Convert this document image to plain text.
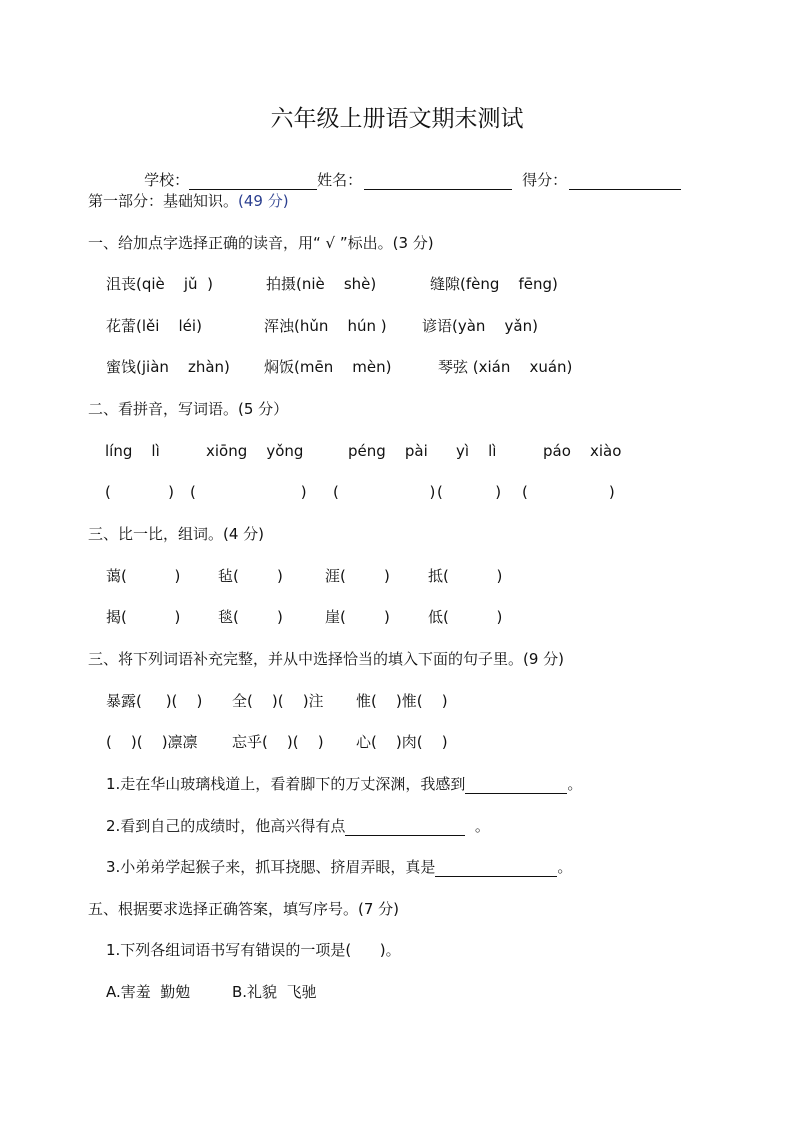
六年级上册语文期末测试

学校：	姓名：	得分：

第一部分：基础知识。(49 分)
一、给加点字选择正确的读音，用“ √ ”标出。(3 分)
沮丧(qiè    jǔ  )	拍摄(niè    shè)	缝隙(fèng    fēng)
花蕾(lěi    léi)	浑浊(hǔn    hún ) 谚语(yàn    yǎn)
蜜饯(jiàn    zhàn) 焖饭(mēn    mèn)	琴弦 (xián    xuán)
二、看拼音，写词语。(5 分）
líng    lì	xiōng    yǒng	péng    pài yì    lì	páo    xiào
(            ) (                      ) (                   ) (           ) (                 )
三、比一比，组词。(4 分)
蔼(          )	毡(        )	涯(        )	抵(          )
揭(          )	毯(        )	崖(        )	低(          )
三、将下列词语补充完整，并从中选择恰当的填入下面的句子里。(9 分)
暴露(     )(    ) 全(    )(    )注 惟(    )惟(    )
(    )(    )凛凛 忘乎(    )(    ) 心(    )肉(    )
1.走在华山玻璃栈道上，看着脚下的万丈深渊，我感到	。
2.看到自己的成绩时，他高兴得有点	。
3.小弟弟学起猴子来，抓耳挠腮、挤眉弄眼，真是	。
五、根据要求选择正确答案，填写序号。(7 分)
1.下列各组词语书写有错误的一项是(      )。
A.害羞  勤勉	B.礼貌  飞驰
